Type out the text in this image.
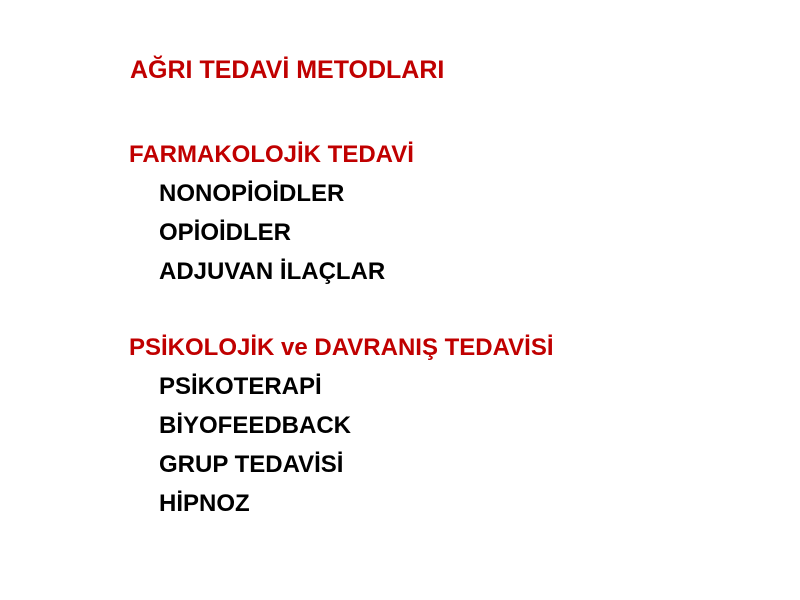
AĞRI TEDAVİ METODLARI
FARMAKOLOJİK TEDAVİ
NONOPİOİDLER
OPİOİDLER
ADJUVAN İLAÇLAR
PSİKOLOJİK ve DAVRANIŞ TEDAVİSİ
PSİKOTERAPİ
BİYOFEEDBACK
GRUP TEDAVİSİ
HİPNOZ
